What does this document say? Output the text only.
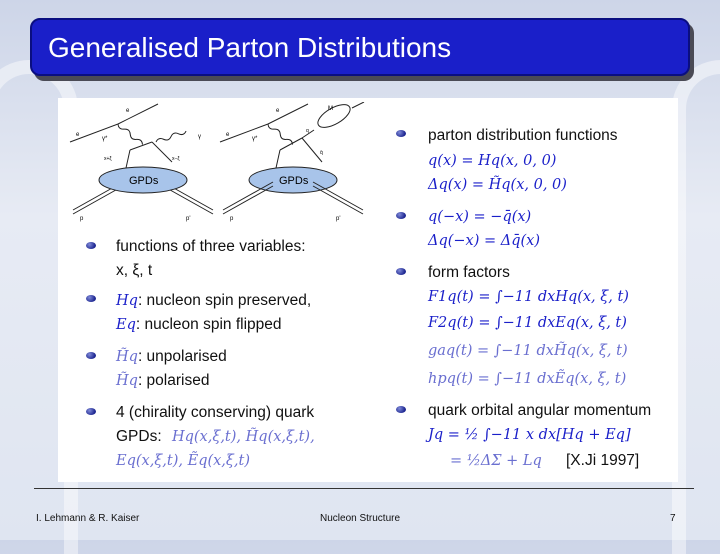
Generalised Parton Distributions
GPDs
e
e
γ*	γ
x+ξ	x−ξ
p	p'
GPDs
e
e
γ*
M
q
q̄
p	p'
functions of three variables:
x, ξ, t
Hq: nucleon spin preserved,
Eq: nucleon spin flipped
H̃q: unpolarised
H̃q: polarised
4 (chirality conserving) quark
GPDs: Hq(x,ξ,t), H̃q(x,ξ,t),
Eq(x,ξ,t), Ẽq(x,ξ,t)
parton distribution functions
q(x) = Hq(x, 0, 0)
Δq(x) = H̃q(x, 0, 0)
q(−x) = −q̄(x)
Δq(−x) = Δq̄(x)
form factors
F1q(t) = ∫−11 dxHq(x, ξ, t)
F2q(t) = ∫−11 dxEq(x, ξ, t)
gaq(t) = ∫−11 dxH̃q(x, ξ, t)
hpq(t) = ∫−11 dxẼq(x, ξ, t)
quark orbital angular momentum
Jq = ½ ∫−11 x dx[Hq + Eq]
= ½ΔΣ + Lq [X.Ji 1997]
I. Lehmann & R. Kaiser	Nucleon Structure	7
